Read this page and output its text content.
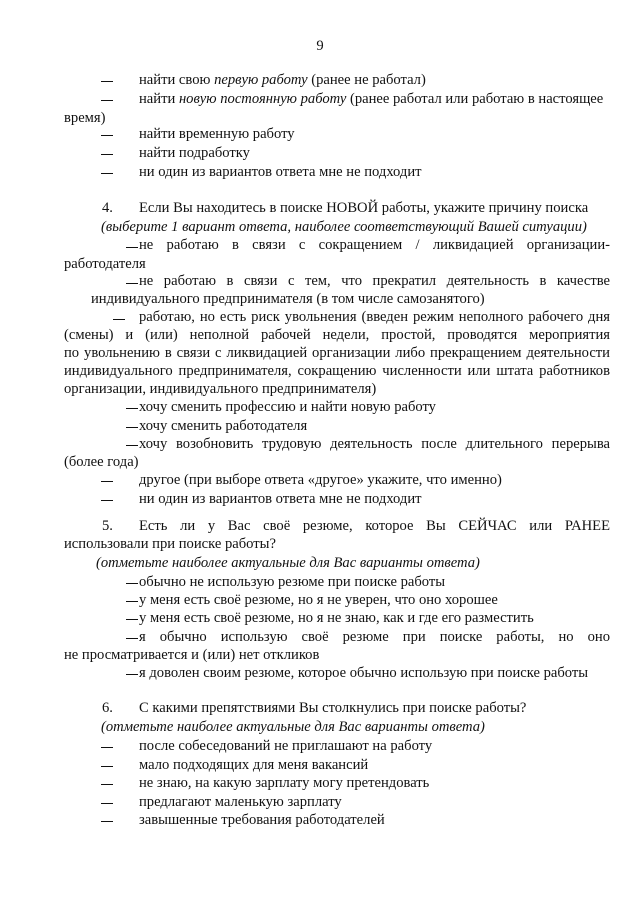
9
найти свою первую работу (ранее не работал)
найти новую постоянную работу (ранее работал или работаю в настоящее
время)
найти временную работу
найти подработку
ни один из вариантов ответа мне не подходит
4.	Если Вы находитесь в поиске НОВОЙ работы, укажите причину поиска
(выберите 1 вариант ответа, наиболее соответствующий Вашей ситуации)
не работаю в связи с сокращением / ликвидацией организации-
работодателя
не работаю в связи с тем, что прекратил деятельность в качестве
индивидуального предпринимателя (в том числе самозанятого)
работаю, но есть риск увольнения (введен режим неполного рабочего дня
(смены) и (или) неполной рабочей недели, простой, проводятся мероприятия
по увольнению в связи с ликвидацией организации либо прекращением деятельности
индивидуального предпринимателя, сокращению численности или штата работников
организации, индивидуального предпринимателя)
хочу сменить профессию и найти новую работу
хочу сменить работодателя
хочу возобновить трудовую деятельность после длительного перерыва
(более года)
другое (при выборе ответа «другое» укажите, что именно)
ни один из вариантов ответа мне не подходит
5.	Есть ли у Вас своё резюме, которое Вы СЕЙЧАС или РАНЕЕ
использовали при поиске работы?
(отметьте наиболее актуальные для Вас варианты ответа)
обычно не использую резюме при поиске работы
у меня есть своё резюме, но я не уверен, что оно хорошее
у меня есть своё резюме, но я не знаю, как и где его разместить
я обычно использую своё резюме при поиске работы, но оно
не просматривается и (или) нет откликов
я доволен своим резюме, которое обычно использую при поиске работы
6.	С какими препятствиями Вы столкнулись при поиске работы?
(отметьте наиболее актуальные для Вас варианты ответа)
после собеседований не приглашают на работу
мало подходящих для меня вакансий
не знаю, на какую зарплату могу претендовать
предлагают маленькую зарплату
завышенные требования работодателей
